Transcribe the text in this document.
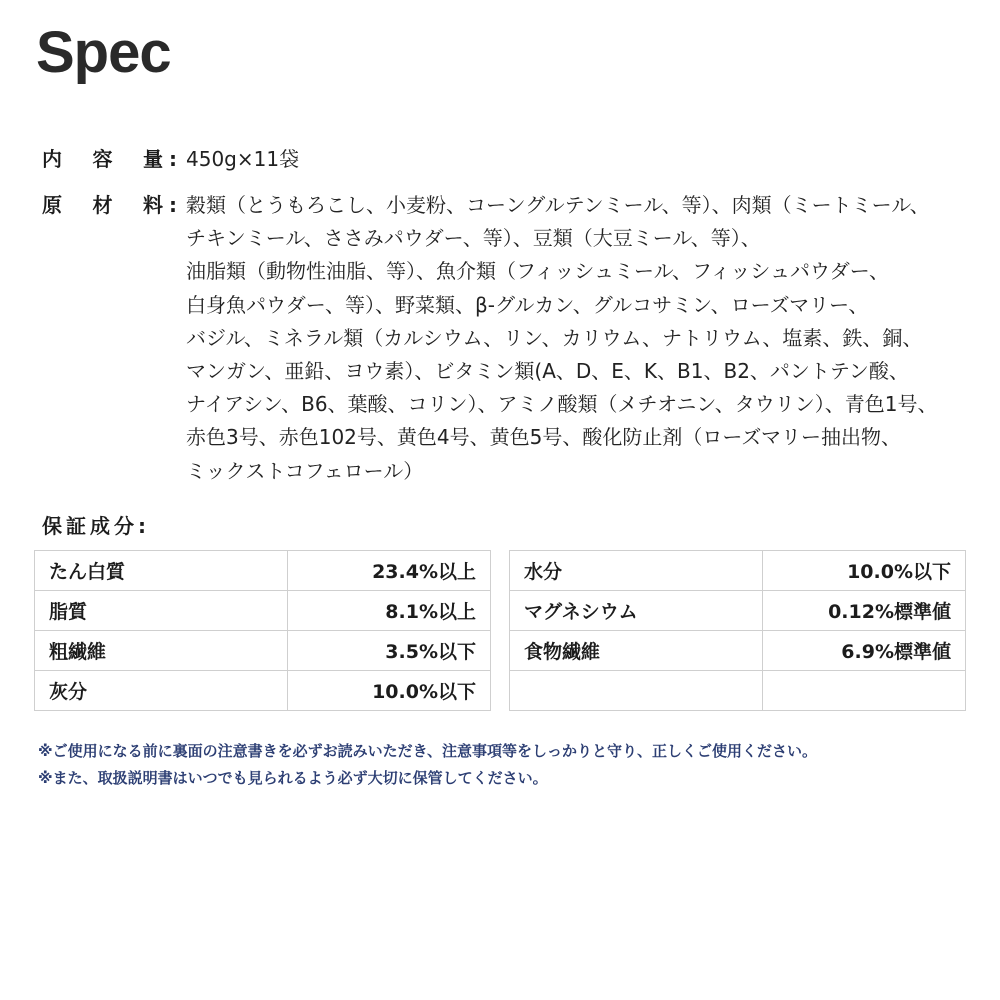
Spec
内容量 : 450g×11袋
原材料 : 穀類（とうもろこし、小麦粉、コーングルテンミール、等）、肉類（ミートミール、
チキンミール、ささみパウダー、等）、豆類（大豆ミール、等）、
油脂類（動物性油脂、等）、魚介類（フィッシュミール、フィッシュパウダー、
白身魚パウダー、等）、野菜類、β-グルカン、グルコサミン、ローズマリー、
バジル、ミネラル類（カルシウム、リン、カリウム、ナトリウム、塩素、鉄、銅、
マンガン、亜鉛、ヨウ素）、ビタミン類(A、D、E、K、B1、B2、パントテン酸、
ナイアシン、B6、葉酸、コリン）、アミノ酸類（メチオニン、タウリン）、青色1号、
赤色3号、赤色102号、黄色4号、黄色5号、酸化防止剤（ローズマリー抽出物、
ミックストコフェロール）
保証成分:
たん白質	23.4%以上
脂質	8.1%以上
粗繊維	3.5%以下
灰分	10.0%以下
水分	10.0%以下
マグネシウム	0.12%標準値
食物繊維	6.9%標準値

※ご使用になる前に裏面の注意書きを必ずお読みいただき、注意事項等をしっかりと守り、正しくご使用ください。
※また、取扱説明書はいつでも見られるよう必ず大切に保管してください。
